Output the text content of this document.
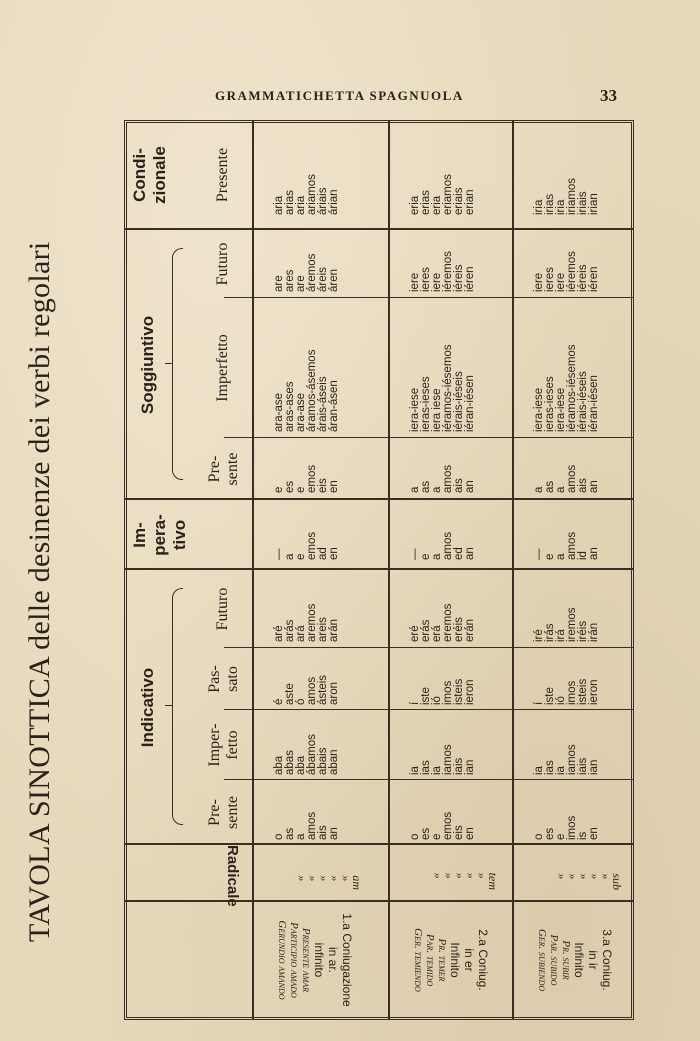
GRAMMATICHETTA SPAGNUOLA	33
TAVOLA SINOTTICA delle desinenze dei verbi regolari	Indicativo
Im-
pera-
tivo
Soggiuntivo
Condi-
zionale
Radicale
Pre-
sente
Imper-
fetto
Pas-
sato
Futuro
Pre-
sente
Imperfetto
Futuro
Presente
1.a Coniugazione in ar.
infinito
Presente amar
Participio amado
Gerundio amando
am
»
»
»
»
»
o as a amos ais an
aba abas aba ábamos abais aban
é aste ó amos ásteis aron
aré arás ará aremos areis arán
— a e emos ad en
e es e emos eis en
ara-ase aras-ases ara-ase áramos-ásemos árais-áseis áran-ásen
are ares are áremos áreis áren
aria arias aria ariamos áriais árian
2.a Coniug.
in er
Infinito
Pr. temer
Par. temido
Ger. temiendo
tem
»
»
»
»
»
o es e emos eis en
ia ias ia iamos iais ian
í iste ió imos isteis ieron
eré erás erá eremos eréis erán
— e a amos ed an
a as a amos ais an
iera-iese ieras-ieses iera iese iéramos-iésemos iérais-iéseis iéran-iésen
iere ieres iere iéremos iéreis iéren
eria erias eria eriamos eriais erian
3.a Coniug.
in ir
Infinito
Pr. subir
Par. subido
Ger. subiendo
sub
»
»
»
»
»
o es e imos is en
ia ias ia iamos iais ian
í iste ió imos isteis ieron
iré irás irá iremos iréis irán
— e a amos id an
a as a amos ais an
iera-iese ieras-ieses iera-iese iéramos-iésemos iérais-iéseis iéran-iésen
iere ieres iere iéremos iéreis iéren
iria irias iria iriamos iriais irian
